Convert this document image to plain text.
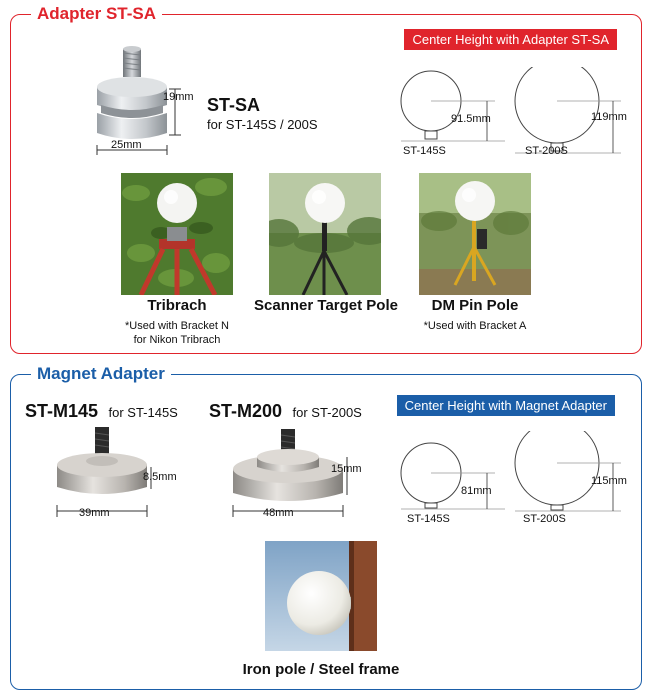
Adapter ST-SA
Center Height with Adapter ST-SA
19mm
25mm
ST-SA
for ST-145S / 200S	91.5mm
ST-145S
119mm
ST-200S
Tribrach
*Used with Bracket N
for Nikon Tribrach
Scanner Target Pole	DM Pin Pole
*Used with Bracket A
Magnet Adapter
Center Height with Magnet Adapter
ST-M145 for ST-145S
8.5mm
39mm
ST-M200 for ST-200S
15mm
48mm
81mm
ST-145S
115mm
ST-200S
Iron pole / Steel frame
